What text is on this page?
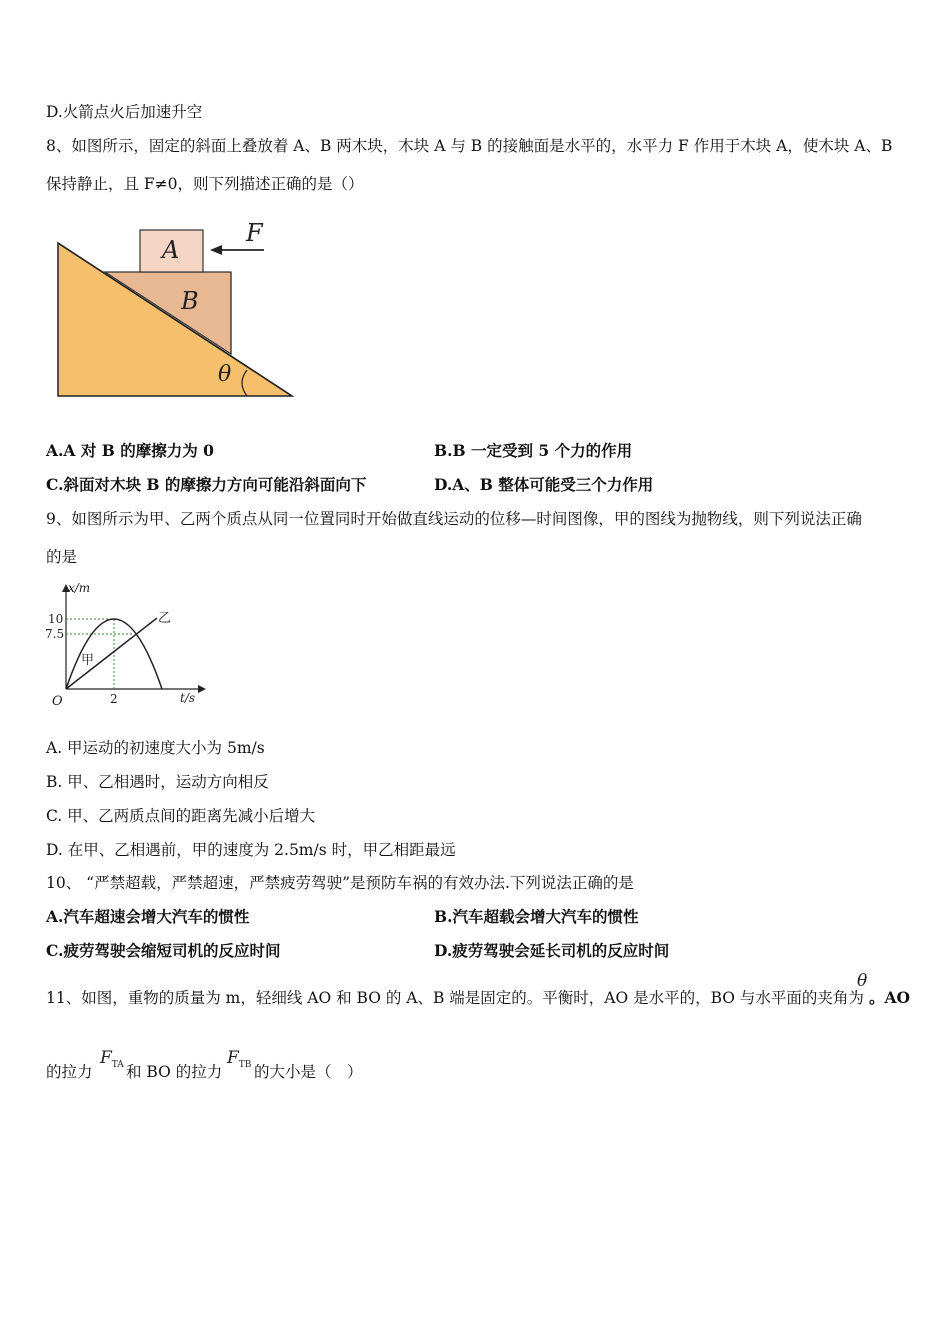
D.火箭点火后加速升空
8、如图所示，固定的斜面上叠放着 A、B 两木块，木块 A 与 B 的接触面是水平的，水平力 F 作用于木块 A，使木块 A、B
保持静止，且 F≠0，则下列描述正确的是（）
A
B
F
θ
A.A 对 B 的摩擦力为 0	B.B 一定受到 5 个力的作用
C.斜面对木块 B 的摩擦力方向可能沿斜面向下	D.A、B 整体可能受三个力作用
9、如图所示为甲、乙两个质点从同一位置同时开始做直线运动的位移—时间图像，甲的图线为抛物线，则下列说法正确
的是
x/m
t/s
O
10
7.5
2
甲
乙
A. 甲运动的初速度大小为 5m/s
B. 甲、乙相遇时，运动方向相反
C. 甲、乙两质点间的距离先减小后增大
D. 在甲、乙相遇前，甲的速度为 2.5m/s 时，甲乙相距最远
10、 “严禁超载，严禁超速，严禁疲劳驾驶”是预防车祸的有效办法.下列说法正确的是
A.汽车超速会增大汽车的惯性	B.汽车超载会增大汽车的惯性
C.疲劳驾驶会缩短司机的反应时间	D.疲劳驾驶会延长司机的反应时间
11、如图，重物的质量为 m，轻细线 AO 和 BO 的 A、B 端是固定的。平衡时，AO 是水平的，BO 与水平面的夹角为
θ
。AO
的拉力
$F_{TA}$ 和 BO 的拉力
$F_{TB}$ 的大小是（　）
